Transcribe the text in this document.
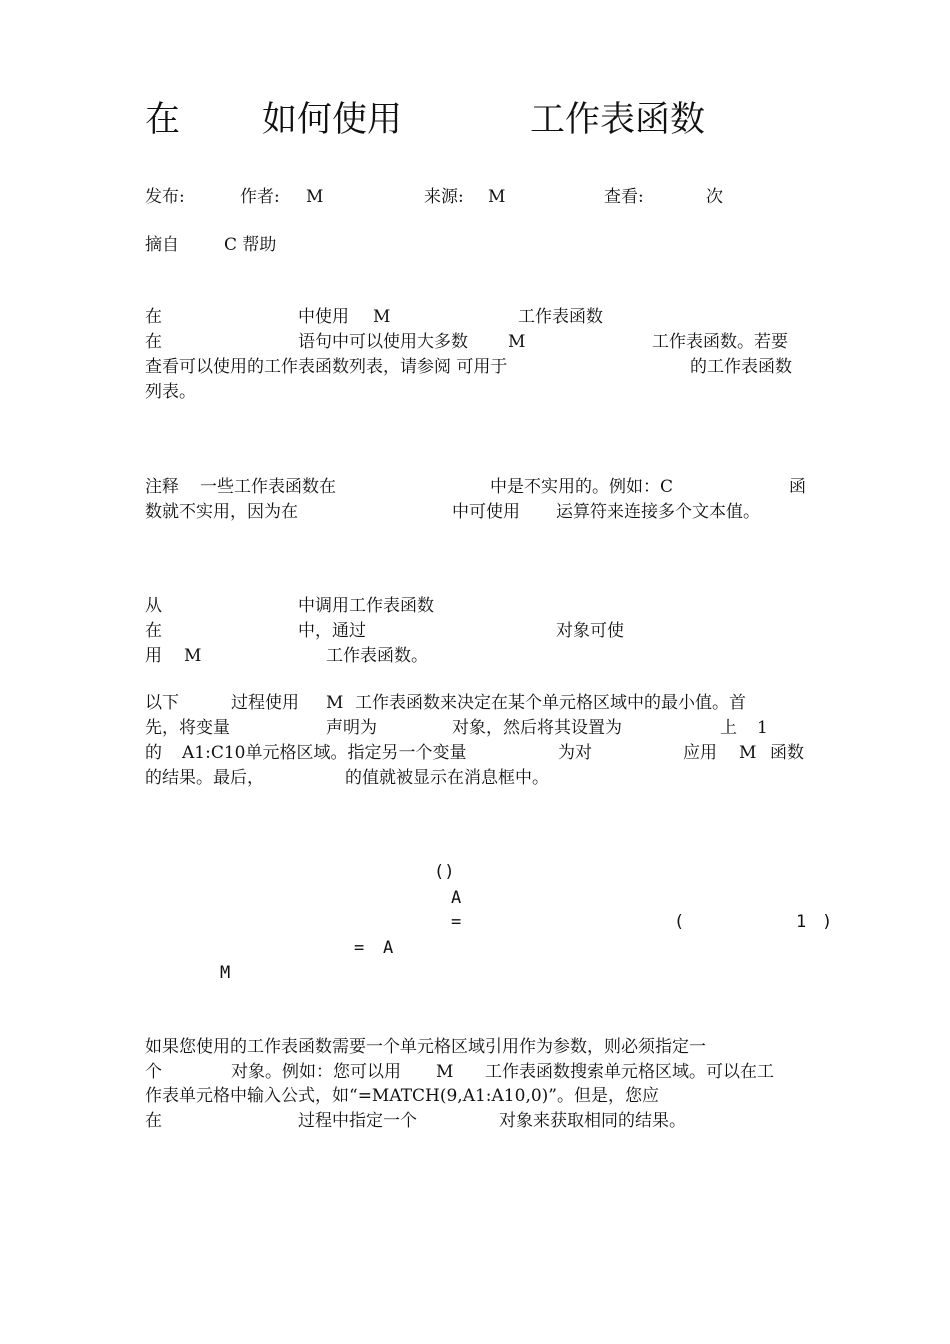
在 如何使用	工作表函数
发布:	作者: M	来源: M	查看:	次
摘自	C 帮助
在	中使用 M	工作表函数
在	语句中可以使用大多数 M	工作表函数。若要
查看可以使用的工作表函数列表，请参阅 可用于	的工作表函数
列表。
注释 一些工作表函数在	中是不实用的。例如：C	函
数就不实用，因为在	中可使用 运算符来连接多个文本值。
从	中调用工作表函数
在	中，通过	对象可使
用 M	工作表函数。
以下	过程使用 M 工作表函数来决定在某个单元格区域中的最小值。首
先，将变量	声明为	对象，然后将其设置为	上 1
的 A1:C10单元格区域。指定另一个变量	为对	应用 M 函数
的结果。最后，	的值就被显示在消息框中。
()
A
=	(	1 )
= A
M
如果您使用的工作表函数需要一个单元格区域引用作为参数，则必须指定一
个	对象。例如：您可以用 M 工作表函数搜索单元格区域。可以在工
作表单元格中输入公式，如“=MATCH(9,A1:A10,0)”。但是，您应
在	过程中指定一个	对象来获取相同的结果。
